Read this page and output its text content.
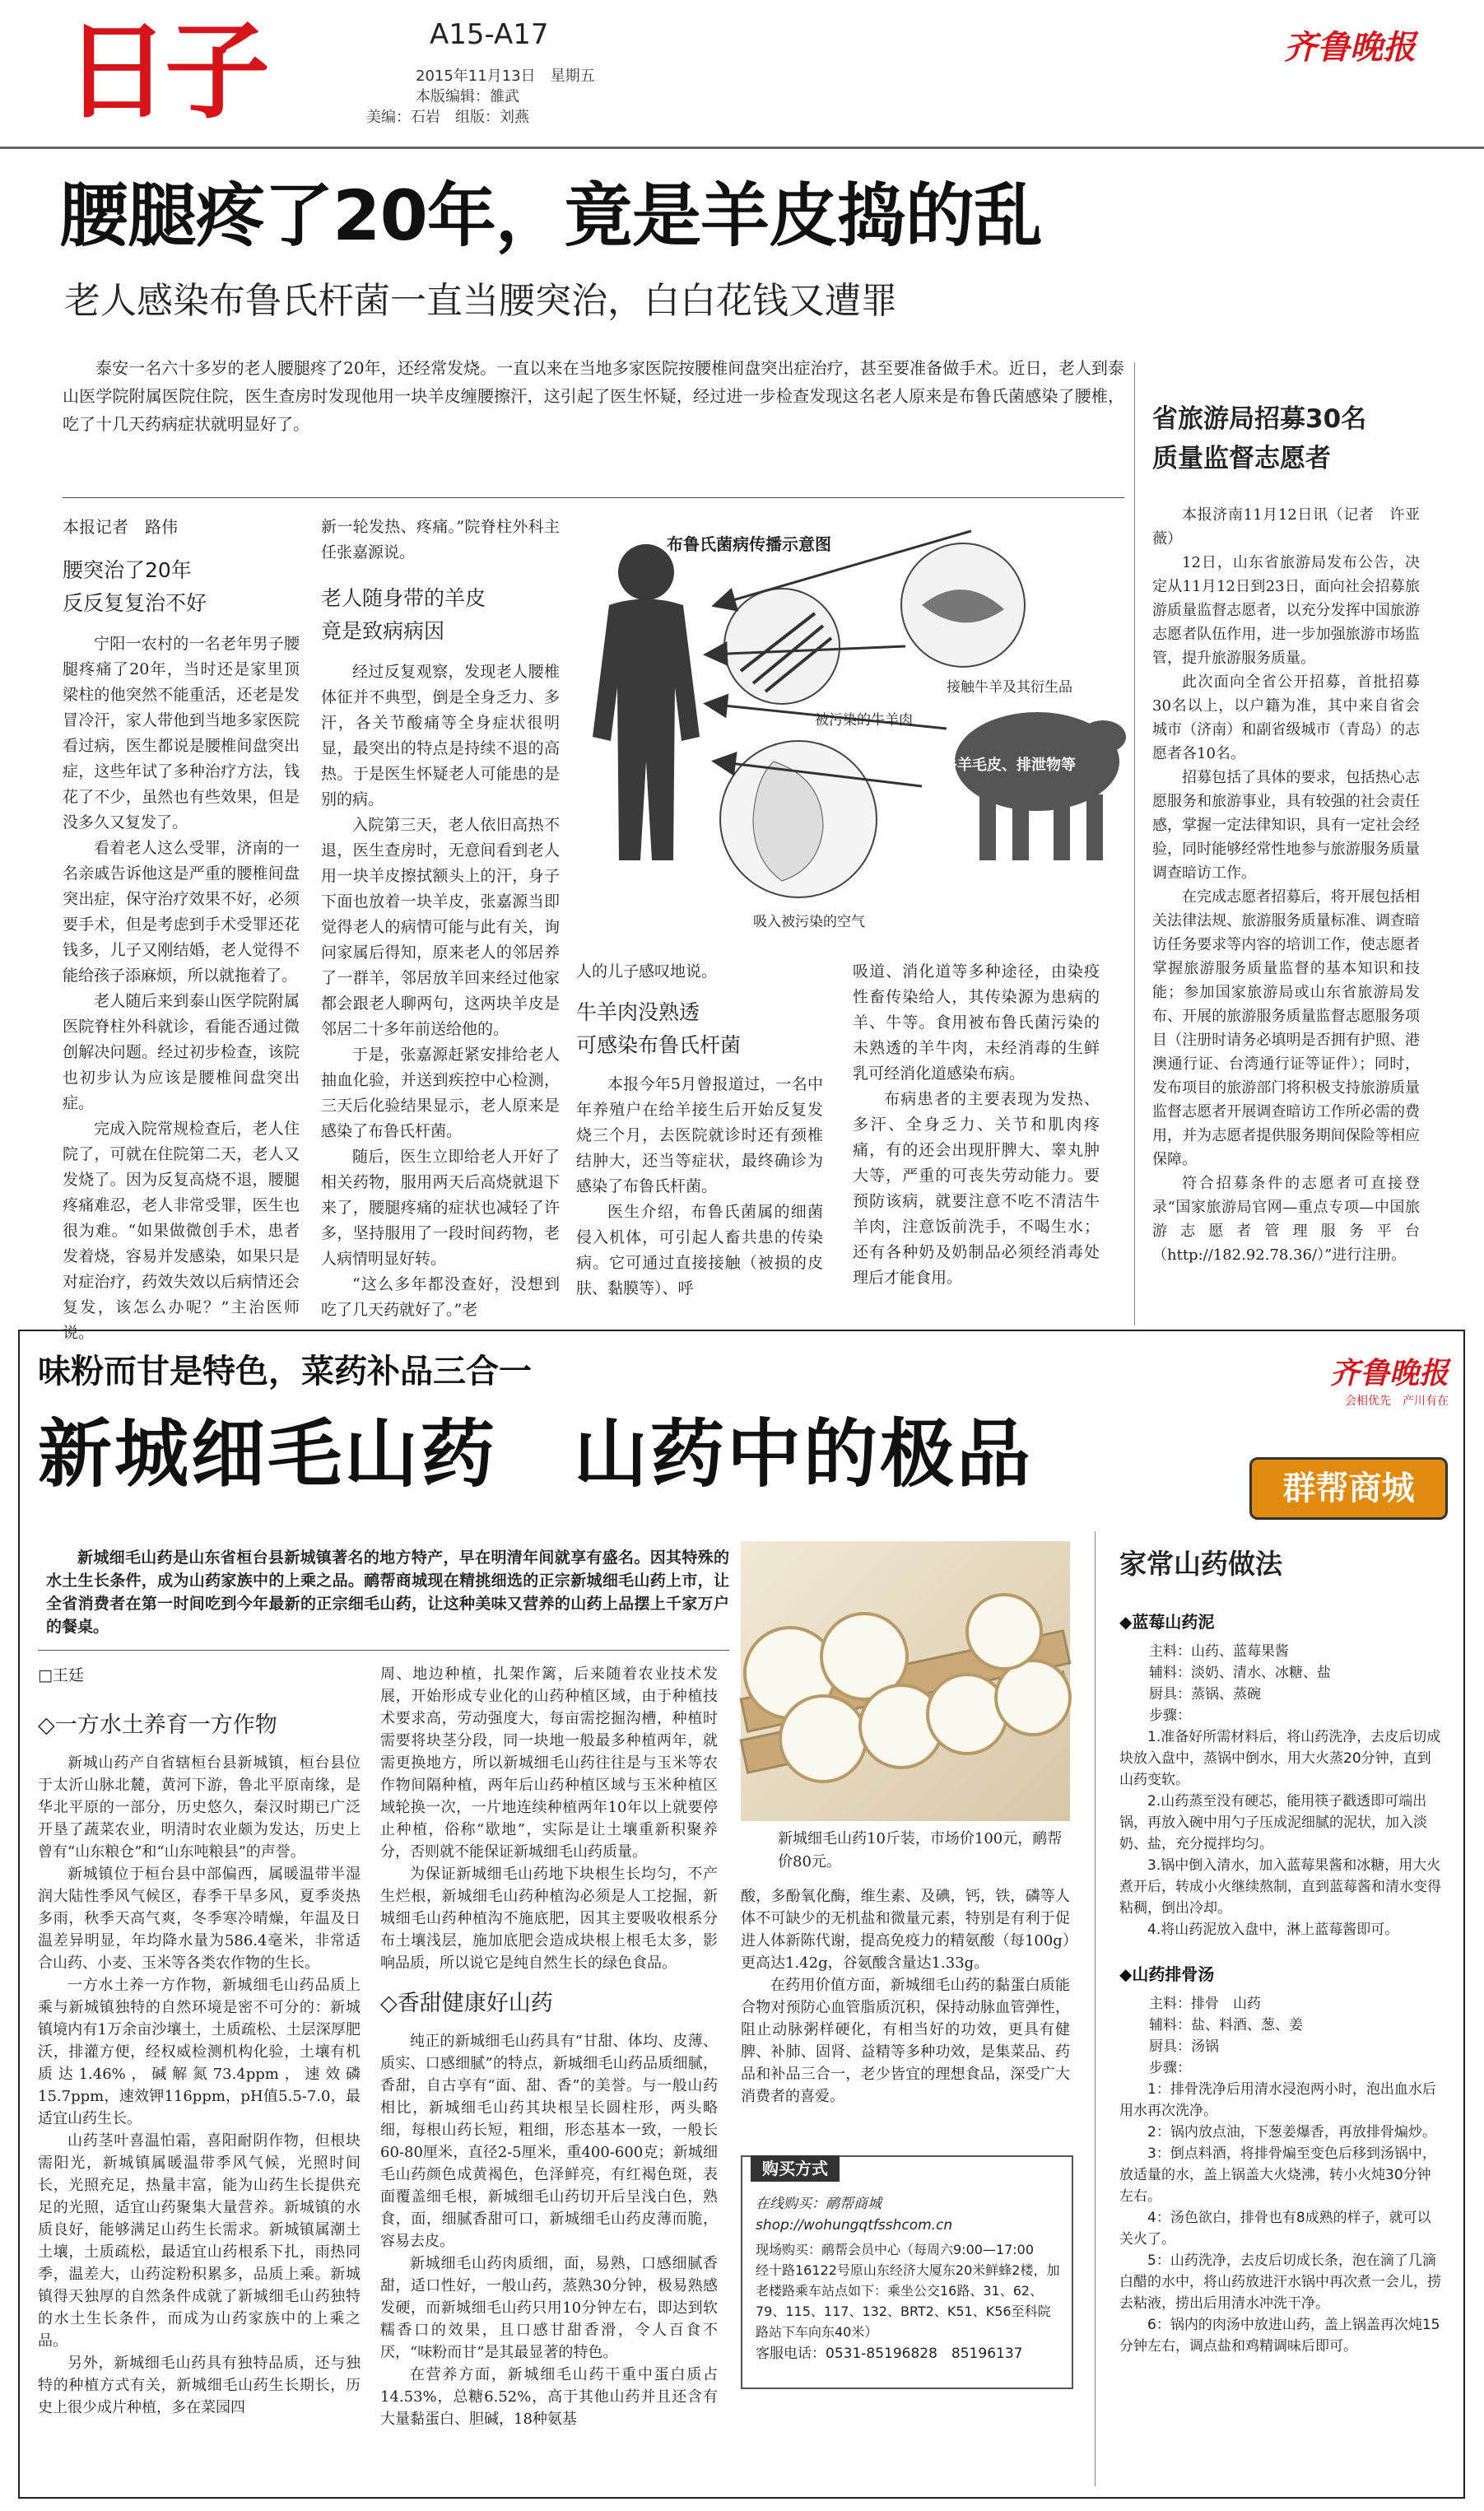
日子	A15-A17
2015年11月13日　星期五
本版编辑：雒武
美编：石岩　组版：刘燕
齐鲁晚报
腰腿疼了20年，竟是羊皮捣的乱
老人感染布鲁氏杆菌一直当腰突治，白白花钱又遭罪

泰安一名六十多岁的老人腰腿疼了20年，还经常发烧。一直以来在当地多家医院按腰椎间盘突出症治疗，甚至要准备做手术。近日，老人到泰山医学院附属医院住院，医生查房时发现他用一块羊皮缠腰擦汗，这引起了医生怀疑，经过进一步检查发现这名老人原来是布鲁氏菌感染了腰椎，吃了十几天药病症状就明显好了。

本报记者　路伟
腰突治了20年
反反复复治不好

宁阳一农村的一名老年男子腰腿疼痛了20年，当时还是家里顶梁柱的他突然不能重活，还老是发冒冷汗，家人带他到当地多家医院看过病，医生都说是腰椎间盘突出症，这些年试了多种治疗方法，钱花了不少，虽然也有些效果，但是没多久又复发了。

看着老人这么受罪，济南的一名亲戚告诉他这是严重的腰椎间盘突出症，保守治疗效果不好，必须要手术，但是考虑到手术受罪还花钱多，儿子又刚结婚，老人觉得不能给孩子添麻烦，所以就拖着了。

老人随后来到泰山医学院附属医院脊柱外科就诊，看能否通过微创解决问题。经过初步检查，该院也初步认为应该是腰椎间盘突出症。

完成入院常规检查后，老人住院了，可就在住院第二天，老人又发烧了。因为反复高烧不退，腰腿疼痛难忍，老人非常受罪，医生也很为难。“如果做微创手术，患者发着烧，容易并发感染，如果只是对症治疗，药效失效以后病情还会复发，该怎么办呢？”主治医师说。

新一轮发热、疼痛。”院脊柱外科主任张嘉源说。

老人随身带的羊皮
竟是致病病因

经过反复观察，发现老人腰椎体征并不典型，倒是全身乏力、多汗，各关节酸痛等全身症状很明显，最突出的特点是持续不退的高热。于是医生怀疑老人可能患的是别的病。

入院第三天，老人依旧高热不退，医生查房时，无意间看到老人用一块羊皮擦拭额头上的汗，身子下面也放着一块羊皮，张嘉源当即觉得老人的病情可能与此有关，询问家属后得知，原来老人的邻居养了一群羊，邻居放羊回来经过他家都会跟老人聊两句，这两块羊皮是邻居二十多年前送给他的。

于是，张嘉源赶紧安排给老人抽血化验，并送到疾控中心检测，三天后化验结果显示，老人原来是感染了布鲁氏杆菌。

随后，医生立即给老人开好了相关药物，服用两天后高烧就退下来了，腰腿疼痛的症状也减轻了许多，坚持服用了一段时间药物，老人病情明显好转。

“这么多年都没查好，没想到吃了几天药就好了。”老

布鲁氏菌病传播示意图
接触牛羊及其衍生品
被污染的牛羊肉
牛羊毛皮、排泄物等
吸入被污染的空气

人的儿子感叹地说。

牛羊肉没熟透
可感染布鲁氏杆菌

本报今年5月曾报道过，一名中年养殖户在给羊接生后开始反复发烧三个月，去医院就诊时还有颈椎结肿大，还当等症状，最终确诊为感染了布鲁氏杆菌。

医生介绍，布鲁氏菌属的细菌侵入机体，可引起人畜共患的传染病。它可通过直接接触（被损的皮肤、黏膜等）、呼

吸道、消化道等多种途径，由染疫性畜传染给人，其传染源为患病的羊、牛等。食用被布鲁氏菌污染的未熟透的羊牛肉，未经消毒的生鲜乳可经消化道感染布病。

布病患者的主要表现为发热、多汗、全身乏力、关节和肌肉疼痛，有的还会出现肝脾大、睾丸肿大等，严重的可丧失劳动能力。要预防该病，就要注意不吃不清洁牛羊肉，注意饭前洗手，不喝生水；还有各种奶及奶制品必须经消毒处理后才能食用。

省旅游局招募30名
质量监督志愿者

本报济南11月12日讯（记者　许亚薇）

12日，山东省旅游局发布公告，决定从11月12日到23日，面向社会招募旅游质量监督志愿者，以充分发挥中国旅游志愿者队伍作用，进一步加强旅游市场监管，提升旅游服务质量。

此次面向全省公开招募，首批招募30名以上，以户籍为准，其中来自省会城市（济南）和副省级城市（青岛）的志愿者各10名。

招募包括了具体的要求，包括热心志愿服务和旅游事业，具有较强的社会责任感，掌握一定法律知识，具有一定社会经验，同时能够经常性地参与旅游服务质量调查暗访工作。

在完成志愿者招募后，将开展包括相关法律法规、旅游服务质量标准、调查暗访任务要求等内容的培训工作，使志愿者掌握旅游服务质量监督的基本知识和技能；参加国家旅游局或山东省旅游局发布、开展的旅游服务质量监督志愿服务项目（注册时请务必填明是否拥有护照、港澳通行证、台湾通行证等证件）；同时，发布项目的旅游部门将积极支持旅游质量监督志愿者开展调查暗访工作所必需的费用，并为志愿者提供服务期间保险等相应保障。

符合招募条件的志愿者可直接登录“国家旅游局官网—重点专项—中国旅游志愿者管理服务平台（http://182.92.78.36/）”进行注册。

味粉而甘是特色，菜药补品三合一
新城细毛山药　山药中的极品
齐鲁晚报
会相优先　产川有在
群帮商城

新城细毛山药是山东省桓台县新城镇著名的地方特产，早在明清年间就享有盛名。因其特殊的水土生长条件，成为山药家族中的上乘之品。鸸帮商城现在精挑细选的正宗新城细毛山药上市，让全省消费者在第一时间吃到今年最新的正宗细毛山药，让这种美味又营养的山药上品摆上千家万户的餐桌。

□王廷
◇一方水土养育一方作物

新城山药产自省辖桓台县新城镇，桓台县位于太沂山脉北麓，黄河下游，鲁北平原南缘，是华北平原的一部分，历史悠久，秦汉时期已广泛开垦了蔬菜农业，明清时农业颇为发达，历史上曾有“山东粮仓”和“山东吨粮县”的声誉。

新城镇位于桓台县中部偏西，属暖温带半湿润大陆性季风气候区，春季干旱多风，夏季炎热多雨，秋季天高气爽，冬季寒冷晴燥，年温及日温差异明显，年均降水量为586.4毫米，非常适合山药、小麦、玉米等各类农作物的生长。

一方水土养一方作物，新城细毛山药品质上乘与新城镇独特的自然环境是密不可分的：新城镇境内有1万余亩沙壤土，土质疏松、土层深厚肥沃，排灌方便，经权威检测机构化验，土壤有机质达1.46%，碱解氮73.4ppm，速效磷15.7ppm，速效钾116ppm，pH值5.5-7.0，最适宜山药生长。

山药茎叶喜温怕霜，喜阳耐阴作物，但根块需阳光，新城镇属暖温带季风气候，光照时间长，光照充足，热量丰富，能为山药生长提供充足的光照，适宜山药聚集大量营养。新城镇的水质良好，能够满足山药生长需求。新城镇属潮土土壤，土质疏松，最适宜山药根系下扎，雨热同季，温差大，山药淀粉积累多，品质上乘。新城镇得天独厚的自然条件成就了新城细毛山药独特的水土生长条件，而成为山药家族中的上乘之品。

另外，新城细毛山药具有独特品质，还与独特的种植方式有关，新城细毛山药生长期长，历史上很少成片种植，多在菜园四

周、地边种植，扎架作篱，后来随着农业技术发展，开始形成专业化的山药种植区域，由于种植技术要求高，劳动强度大，每亩需挖掘沟槽，种植时需要将块茎分段，同一块地一般最多种植两年，就需更换地方，所以新城细毛山药往往是与玉米等农作物间隔种植，两年后山药种植区域与玉米种植区域轮换一次，一片地连续种植两年10年以上就要停止种植，俗称“歇地”，实际是让土壤重新积聚养分，否则就不能保证新城细毛山药质量。

为保证新城细毛山药地下块根生长均匀，不产生烂根，新城细毛山药种植沟必须是人工挖掘，新城细毛山药种植沟不施底肥，因其主要吸收根系分布土壤浅层，施加底肥会造成块根上根毛太多，影响品质，所以说它是纯自然生长的绿色食品。

◇香甜健康好山药

纯正的新城细毛山药具有“甘甜、体均、皮薄、质实、口感细腻”的特点，新城细毛山药品质细腻，香甜，自古享有“面、甜、香”的美誉。与一般山药相比，新城细毛山药其块根呈长圆柱形，两头略细，每根山药长短，粗细，形态基本一致，一般长60-80厘米，直径2-5厘米，重400-600克；新城细毛山药颜色成黄褐色，色泽鲜亮，有红褐色斑，表面覆盖细毛根，新城细毛山药切开后呈浅白色，熟食，面，细腻香甜可口，新城细毛山药皮薄而脆，容易去皮。

新城细毛山药肉质细，面，易熟，口感细腻香甜，适口性好，一般山药，蒸熟30分钟，极易熟感发硬，而新城细毛山药只用10分钟左右，即达到软糯香口的效果，且口感甘甜香滑，令人百食不厌，“味粉而甘”是其最显著的特色。

在营养方面，新城细毛山药干重中蛋白质占14.53%，总糖6.52%，高于其他山药并且还含有大量黏蛋白、胆碱，18种氨基

新城细毛山药10斤装，市场价100元，鸸帮价80元。

酸，多酚氧化酶，维生素、及碘，钙，铁，磷等人体不可缺少的无机盐和微量元素，特别是有利于促进人体新陈代谢，提高免疫力的精氨酸（每100g）更高达1.42g，谷氨酸含量达1.33g。

在药用价值方面，新城细毛山药的黏蛋白质能合物对预防心血管脂质沉积，保持动脉血管弹性，阻止动脉粥样硬化，有相当好的功效，更具有健脾、补肺、固肾、益精等多种功效，是集菜品、药品和补品三合一，老少皆宜的理想食品，深受广大消费者的喜爱。

购买方式
在线购买：鸸帮商城shop://wohungqtfsshcom.cn
现场购买：鸸帮会员中心（每周六9:00—17:00　经十路16122号原山东经济大厦东20米鲜蜂2楼，加老楼路乘车站点如下：乘坐公交16路、31、62、79、115、117、132、BRT2、K51、K56至科院路站下车向东40米）
客服电话：0531-85196828　85196137
家常山药做法
◆蓝莓山药泥
主料：山药、蓝莓果酱
辅料：淡奶、清水、冰糖、盐
厨具：蒸锅、蒸碗
步骤：
1.准备好所需材料后，将山药洗净，去皮后切成块放入盘中，蒸锅中倒水，用大火蒸20分钟，直到山药变软。
2.山药蒸至没有硬芯，能用筷子戳透即可端出锅，再放入碗中用勺子压成泥细腻的泥状，加入淡奶、盐，充分搅拌均匀。
3.锅中倒入清水，加入蓝莓果酱和冰糖，用大火煮开后，转成小火继续熬制，直到蓝莓酱和清水变得粘稠，倒出冷却。
4.将山药泥放入盘中，淋上蓝莓酱即可。
◆山药排骨汤
主料：排骨　山药
辅料：盐、料酒、葱、姜
厨具：汤锅
步骤：
1：排骨洗净后用清水浸泡两小时，泡出血水后用水再次洗净。
2：锅内放点油，下葱姜爆香，再放排骨煸炒。
3：倒点料酒，将排骨煸至变色后移到汤锅中，放适量的水，盖上锅盖大火烧沸，转小火炖30分钟左右。
4：汤色欲白，排骨也有8成熟的样子，就可以关火了。
5：山药洗净，去皮后切成长条，泡在滴了几滴白醋的水中，将山药放进汗水锅中再次煮一会儿，捞去粘液，捞出后用清水冲洗干净。
6：锅内的肉汤中放进山药，盖上锅盖再次炖15分钟左右，调点盐和鸡精调味后即可。
